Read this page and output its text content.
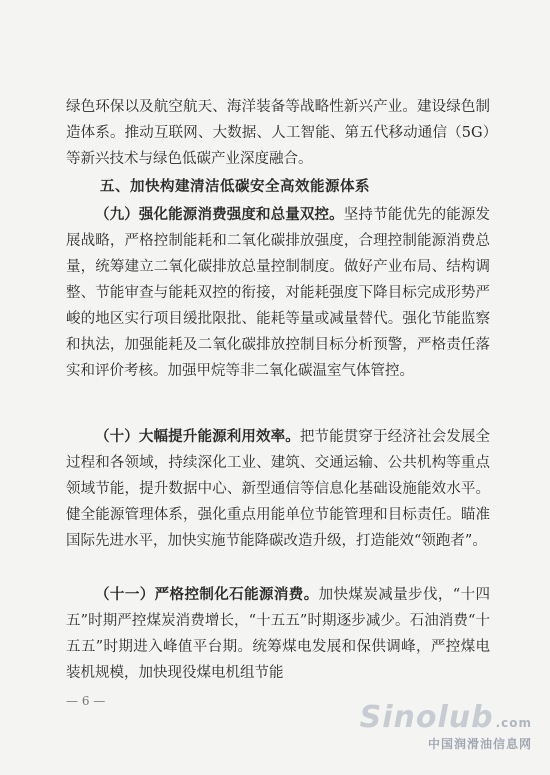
绿色环保以及航空航天、海洋装备等战略性新兴产业。建设绿色制造体系。推动互联网、大数据、人工智能、第五代移动通信（5G）等新兴技术与绿色低碳产业深度融合。
五、加快构建清洁低碳安全高效能源体系
（九）强化能源消费强度和总量双控。坚持节能优先的能源发展战略，严格控制能耗和二氧化碳排放强度，合理控制能源消费总量，统筹建立二氧化碳排放总量控制制度。做好产业布局、结构调整、节能审查与能耗双控的衔接，对能耗强度下降目标完成形势严峻的地区实行项目缓批限批、能耗等量或减量替代。强化节能监察和执法，加强能耗及二氧化碳排放控制目标分析预警，严格责任落实和评价考核。加强甲烷等非二氧化碳温室气体管控。
（十）大幅提升能源利用效率。把节能贯穿于经济社会发展全过程和各领域，持续深化工业、建筑、交通运输、公共机构等重点领域节能，提升数据中心、新型通信等信息化基础设施能效水平。健全能源管理体系，强化重点用能单位节能管理和目标责任。瞄准国际先进水平，加快实施节能降碳改造升级，打造能效“领跑者”。
（十一）严格控制化石能源消费。加快煤炭减量步伐，“十四五”时期严控煤炭消费增长，“十五五”时期逐步减少。石油消费“十五五”时期进入峰值平台期。统筹煤电发展和保供调峰，严控煤电装机规模，加快现役煤电机组节能
— 6 —	Sinolub .com
中国润滑油信息网
